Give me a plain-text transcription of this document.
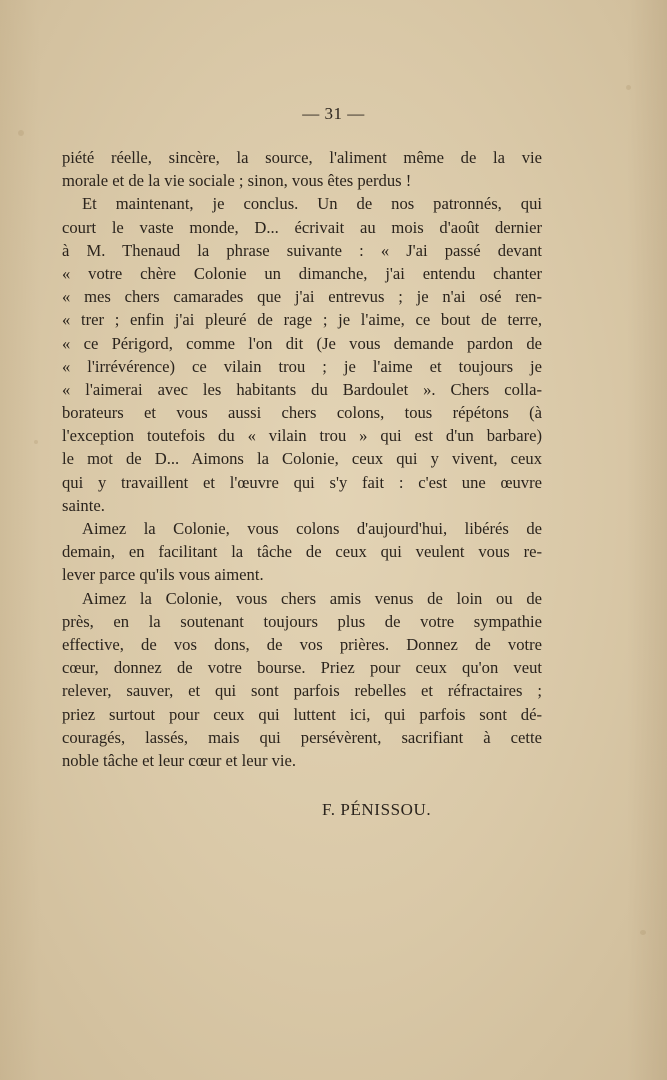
— 31 —
piété réelle, sincère, la source, l'aliment même de la vie
morale et de la vie sociale ; sinon, vous êtes perdus !
Et maintenant, je conclus. Un de nos patronnés, qui
court le vaste monde, D... écrivait au mois d'août dernier
à M. Thenaud la phrase suivante : « J'ai passé devant
« votre chère Colonie un dimanche, j'ai entendu chanter
« mes chers camarades que j'ai entrevus ; je n'ai osé ren-
« trer ; enfin j'ai pleuré de rage ; je l'aime, ce bout de terre,
« ce Périgord, comme l'on dit (Je vous demande pardon de
« l'irrévérence) ce vilain trou ; je l'aime et toujours je
« l'aimerai avec les habitants du Bardoulet ». Chers colla-
borateurs et vous aussi chers colons, tous répétons (à
l'exception toutefois du « vilain trou » qui est d'un barbare)
le mot de D... Aimons la Colonie, ceux qui y vivent, ceux
qui y travaillent et l'œuvre qui s'y fait : c'est une œuvre
sainte.
Aimez la Colonie, vous colons d'aujourd'hui, libérés de
demain, en facilitant la tâche de ceux qui veulent vous re-
lever parce qu'ils vous aiment.
Aimez la Colonie, vous chers amis venus de loin ou de
près, en la soutenant toujours plus de votre sympathie
effective, de vos dons, de vos prières. Donnez de votre
cœur, donnez de votre bourse. Priez pour ceux qu'on veut
relever, sauver, et qui sont parfois rebelles et réfractaires ;
priez surtout pour ceux qui luttent ici, qui parfois sont dé-
couragés, lassés, mais qui persévèrent, sacrifiant à cette
noble tâche et leur cœur et leur vie.
F. PÉNISSOU.
